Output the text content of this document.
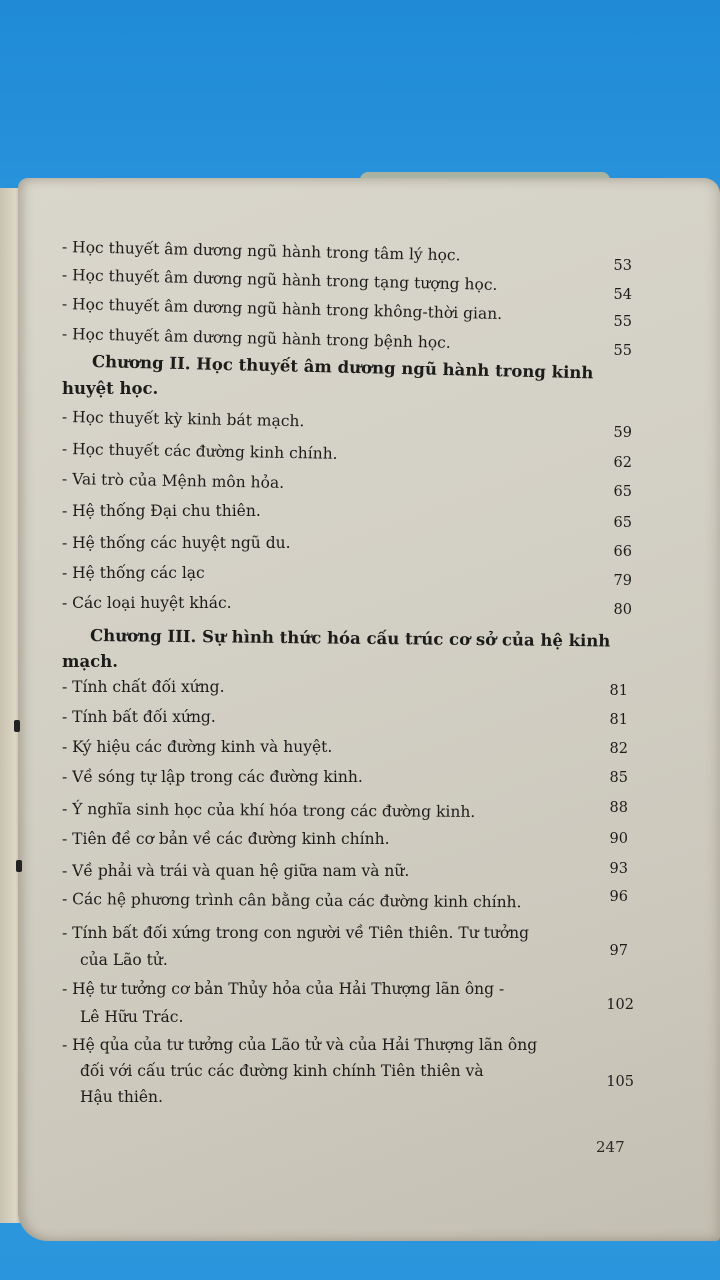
- Học thuyết âm dương ngũ hành trong tâm lý học.
- Học thuyết âm dương ngũ hành trong tạng tượng học.
- Học thuyết âm dương ngũ hành trong không-thời gian.
- Học thuyết âm dương ngũ hành trong bệnh học.
Chương II. Học thuyết âm dương ngũ hành trong kinh
huyệt học.
- Học thuyết kỳ kinh bát mạch.
- Học thuyết các đường kinh chính.
- Vai trò của Mệnh môn hỏa.
- Hệ thống Đại chu thiên.
- Hệ thống các huyệt ngũ du.
- Hệ thống các lạc
- Các loại huyệt khác.
Chương III. Sự hình thức hóa cấu trúc cơ sở của hệ kinh
mạch.
- Tính chất đối xứng.
- Tính bất đối xứng.
- Ký hiệu các đường kinh và huyệt.
- Về sóng tự lập trong các đường kinh.
- Ý nghĩa sinh học của khí hóa trong các đường kinh.
- Tiên đề cơ bản về các đường kinh chính.
- Về phải và trái và quan hệ giữa nam và nữ.
- Các hệ phương trình cân bằng của các đường kinh chính.
- Tính bất đối xứng trong con người về Tiên thiên. Tư tưởng
của Lão tử.
- Hệ tư tưởng cơ bản Thủy hỏa của Hải Thượng lãn ông -
Lê Hữu Trác.
- Hệ qủa của tư tưởng của Lão tử và của Hải Thượng lãn ông
đối với cấu trúc các đường kinh chính Tiên thiên và
Hậu thiên.
53
54
55
55
59
62
65
65
66
79
80
81
81
82
85
88
90
93
96
97
102
105
247
